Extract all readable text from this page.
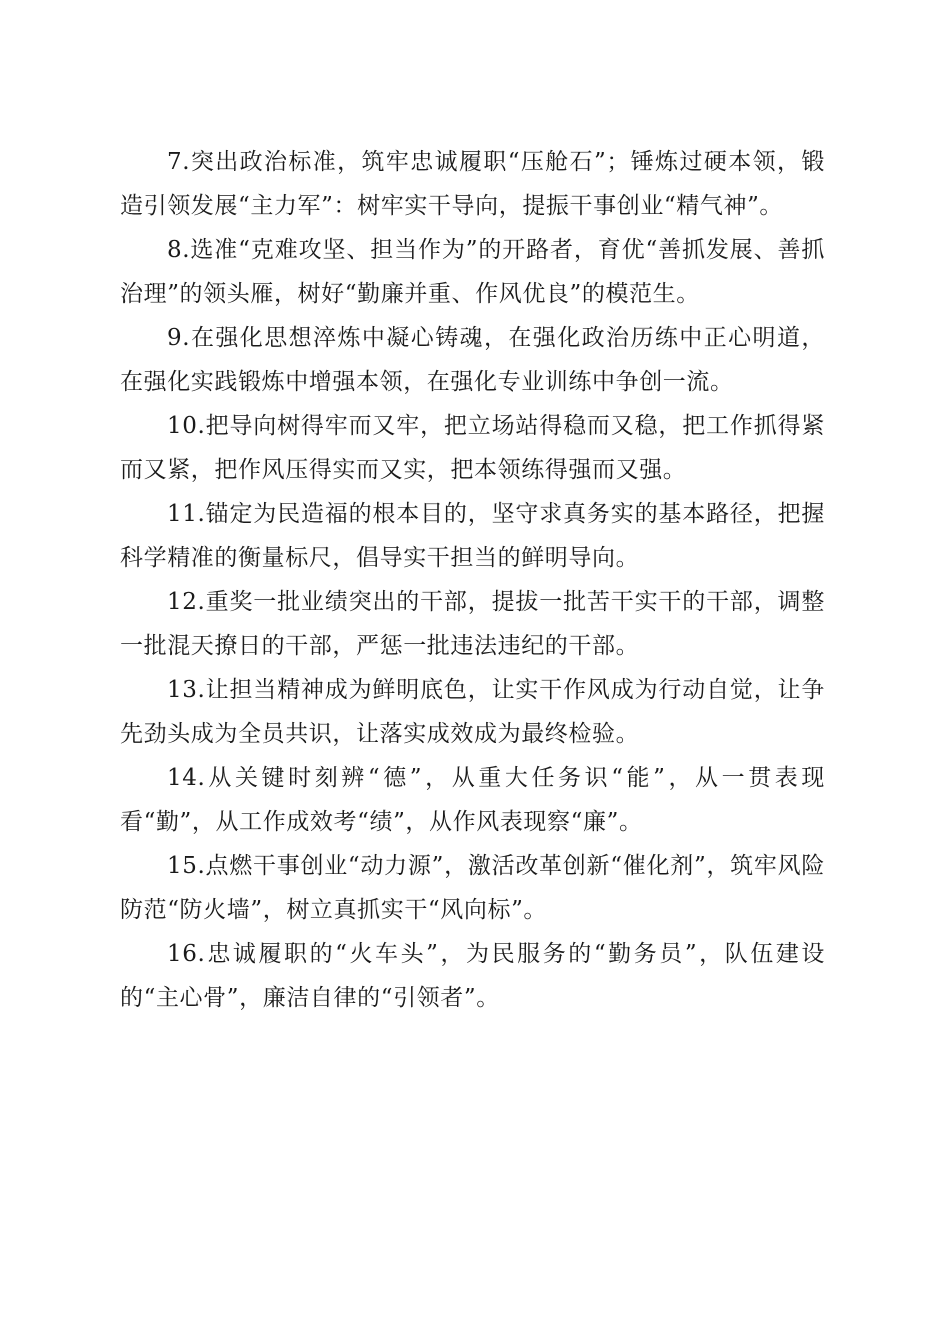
7.突出政治标准，筑牢忠诚履职“压舱石”；锤炼过硬本领，锻造引领发展“主力军”：树牢实干导向，提振干事创业“精气神”。

8.选准“克难攻坚、担当作为”的开路者，育优“善抓发展、善抓治理”的领头雁，树好“勤廉并重、作风优良”的模范生。

9.在强化思想淬炼中凝心铸魂，在强化政治历练中正心明道，在强化实践锻炼中增强本领，在强化专业训练中争创一流。

10.把导向树得牢而又牢，把立场站得稳而又稳，把工作抓得紧而又紧，把作风压得实而又实，把本领练得强而又强。

11.锚定为民造福的根本目的，坚守求真务实的基本路径，把握科学精准的衡量标尺，倡导实干担当的鲜明导向。

12.重奖一批业绩突出的干部，提拔一批苦干实干的干部，调整一批混天撩日的干部，严惩一批违法违纪的干部。

13.让担当精神成为鲜明底色，让实干作风成为行动自觉，让争先劲头成为全员共识，让落实成效成为最终检验。

14.从关键时刻辨“德”，从重大任务识“能”，从一贯表现看“勤”，从工作成效考“绩”，从作风表现察“廉”。

15.点燃干事创业“动力源”，激活改革创新“催化剂”，筑牢风险防范“防火墙”，树立真抓实干“风向标”。

16.忠诚履职的“火车头”，为民服务的“勤务员”，队伍建设的“主心骨”，廉洁自律的“引领者”。
